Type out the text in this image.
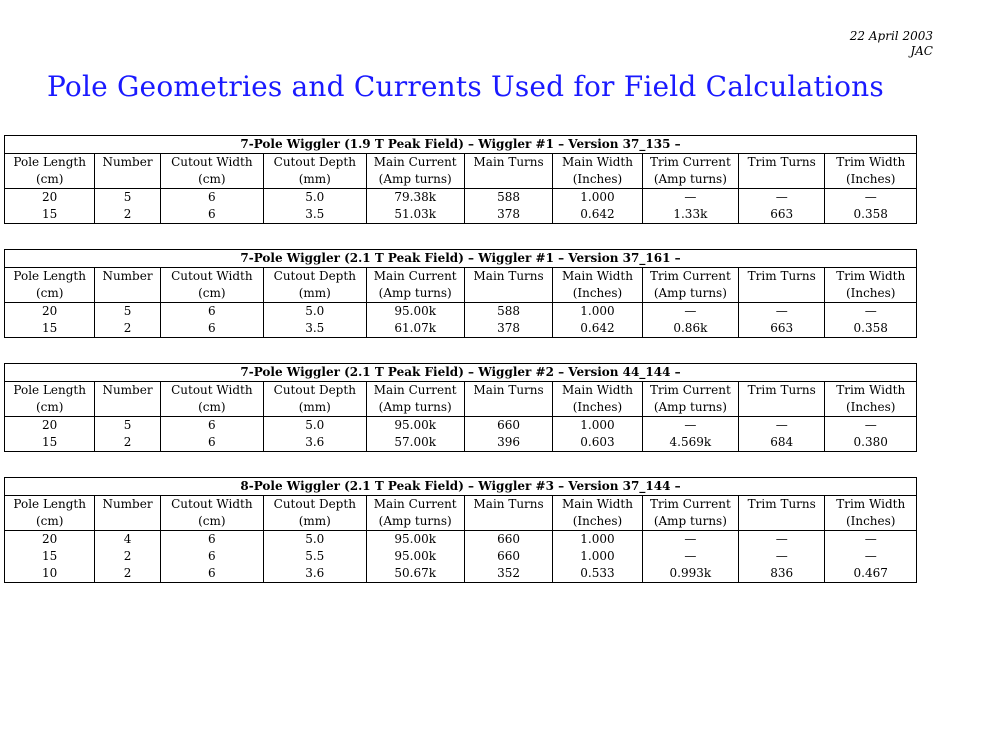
22 April 2003
JAC
Pole Geometries and Currents Used for Field Calculations
7-Pole Wiggler (1.9 T Peak Field) – Wiggler #1 – Version 37_135 –									
Pole Length	Number	Cutout Width	Cutout Depth	Main Current	Main Turns	Main Width	Trim Current	Trim Turns	Trim Width
(cm)		(cm)	(mm)	(Amp turns)		(Inches)	(Amp turns)		(Inches)
20	5	6	5.0	79.38k	588	1.000	—	—	—
15	2	6	3.5	51.03k	378	0.642	1.33k	663	0.358
7-Pole Wiggler (2.1 T Peak Field) – Wiggler #1 – Version 37_161 –									
Pole Length	Number	Cutout Width	Cutout Depth	Main Current	Main Turns	Main Width	Trim Current	Trim Turns	Trim Width
(cm)		(cm)	(mm)	(Amp turns)		(Inches)	(Amp turns)		(Inches)
20	5	6	5.0	95.00k	588	1.000	—	—	—
15	2	6	3.5	61.07k	378	0.642	0.86k	663	0.358
7-Pole Wiggler (2.1 T Peak Field) – Wiggler #2 – Version 44_144 –									
Pole Length	Number	Cutout Width	Cutout Depth	Main Current	Main Turns	Main Width	Trim Current	Trim Turns	Trim Width
(cm)		(cm)	(mm)	(Amp turns)		(Inches)	(Amp turns)		(Inches)
20	5	6	5.0	95.00k	660	1.000	—	—	—
15	2	6	3.6	57.00k	396	0.603	4.569k	684	0.380
8-Pole Wiggler (2.1 T Peak Field) – Wiggler #3 – Version 37_144 –									
Pole Length	Number	Cutout Width	Cutout Depth	Main Current	Main Turns	Main Width	Trim Current	Trim Turns	Trim Width
(cm)		(cm)	(mm)	(Amp turns)		(Inches)	(Amp turns)		(Inches)
20	4	6	5.0	95.00k	660	1.000	—	—	—
15	2	6	5.5	95.00k	660	1.000	—	—	—
10	2	6	3.6	50.67k	352	0.533	0.993k	836	0.467
